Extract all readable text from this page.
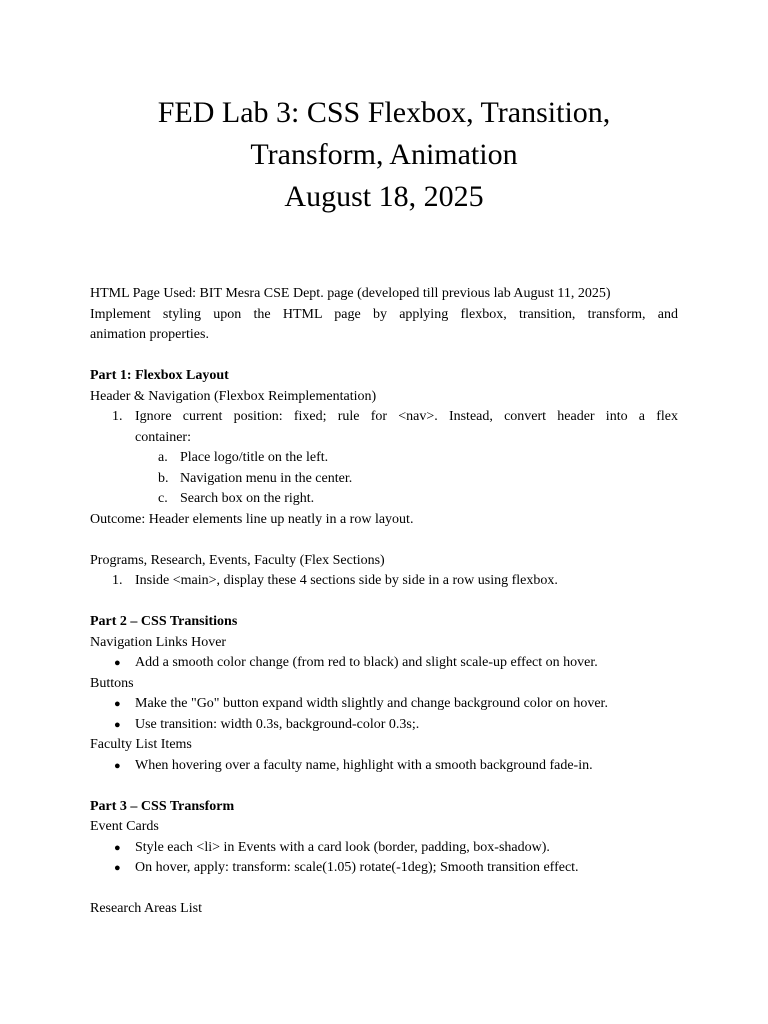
FED Lab 3: CSS Flexbox, Transition,
Transform, Animation
August 18, 2025
HTML Page Used: BIT Mesra CSE Dept. page (developed till previous lab August 11, 2025)
Implement styling upon the HTML page by applying flexbox, transition, transform, and
animation properties.
Part 1: Flexbox Layout
Header & Navigation (Flexbox Reimplementation)
1. Ignore current position: fixed; rule for <nav>. Instead, convert header into a flex
container:
a. Place logo/title on the left.
b. Navigation menu in the center.
c. Search box on the right.
Outcome: Header elements line up neatly in a row layout.
Programs, Research, Events, Faculty (Flex Sections)
1. Inside <main>, display these 4 sections side by side in a row using flexbox.
Part 2 – CSS Transitions
Navigation Links Hover
● Add a smooth color change (from red to black) and slight scale-up effect on hover.
Buttons
● Make the "Go" button expand width slightly and change background color on hover.
● Use transition: width 0.3s, background-color 0.3s;.
Faculty List Items
● When hovering over a faculty name, highlight with a smooth background fade-in.
Part 3 – CSS Transform
Event Cards
● Style each <li> in Events with a card look (border, padding, box-shadow).
● On hover, apply: transform: scale(1.05) rotate(-1deg); Smooth transition effect.
Research Areas List
